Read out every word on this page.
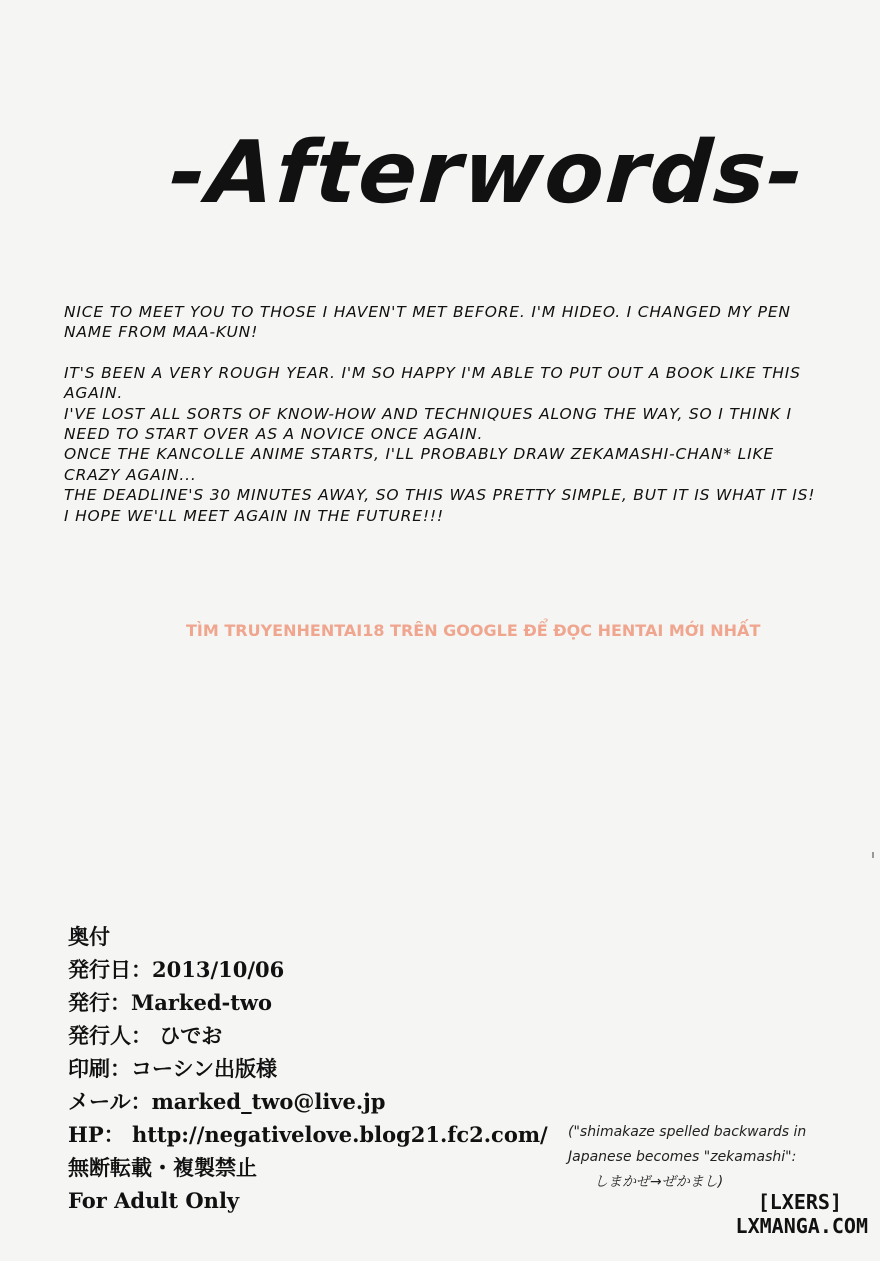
-Afterwords-

NICE TO MEET YOU TO THOSE I HAVEN'T MET BEFORE. I'M HIDEO. I CHANGED MY PEN
NAME FROM MAA-KUN!

IT'S BEEN A VERY ROUGH YEAR. I'M SO HAPPY I'M ABLE TO PUT OUT A BOOK LIKE THIS
AGAIN.
I'VE LOST ALL SORTS OF KNOW-HOW AND TECHNIQUES ALONG THE WAY, SO I THINK I
NEED TO START OVER AS A NOVICE ONCE AGAIN.
ONCE THE KANCOLLE ANIME STARTS, I'LL PROBABLY DRAW ZEKAMASHI-CHAN* LIKE
CRAZY AGAIN...
THE DEADLINE'S 30 MINUTES AWAY, SO THIS WAS PRETTY SIMPLE, BUT IT IS WHAT IT IS!
I HOPE WE'LL MEET AGAIN IN THE FUTURE!!!

TÌM TRUYENHENTAI18 TRÊN GOOGLE ĐỂ ĐỌC HENTAI MỚI NHẤT
奥付
発行日：2013/10/06
発行：Marked-two
発行人： ひでお
印刷：コーシン出版様
メール：marked_two@live.jp
HP： http://negativelove.blog21.fc2.com/
無断転載・複製禁止
For Adult Only
("shimakaze spelled backwards in
Japanese becomes "zekamashi":
しまかぜ→ぜかまし)
[LXERS]
LXMANGA.COM
